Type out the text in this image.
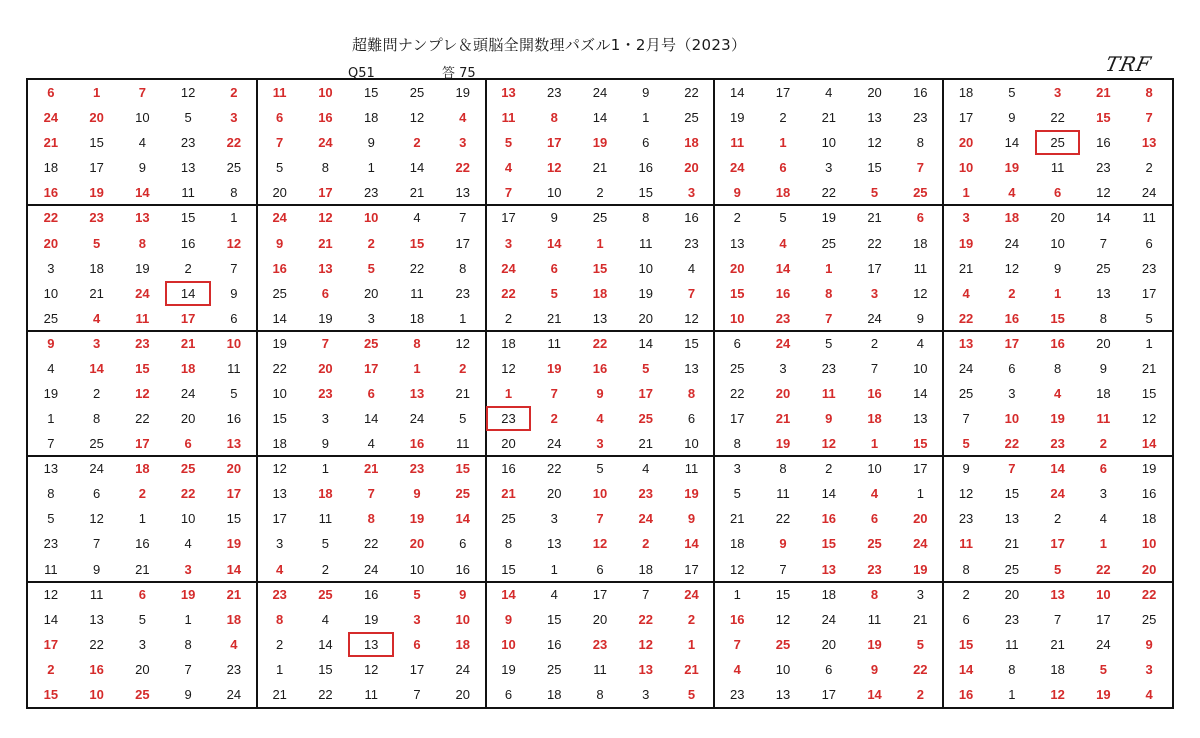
超難問ナンプレ＆頭脳全開数理パズル1・2月号（2023）
Q51	答 75	TRF
6	1	7	12	2	11	10	15	25	19	13	23	24	9	22	14	17	4	20	16	18	5	3	21	8
24	20	10	5	3	6	16	18	12	4	11	8	14	1	25	19	2	21	13	23	17	9	22	15	7
21	15	4	23	22	7	24	9	2	3	5	17	19	6	18	11	1	10	12	8	20	14	25	16	13
18	17	9	13	25	5	8	1	14	22	4	12	21	16	20	24	6	3	15	7	10	19	11	23	2
16	19	14	11	8	20	17	23	21	13	7	10	2	15	3	9	18	22	5	25	1	4	6	12	24
22	23	13	15	1	24	12	10	4	7	17	9	25	8	16	2	5	19	21	6	3	18	20	14	11
20	5	8	16	12	9	21	2	15	17	3	14	1	11	23	13	4	25	22	18	19	24	10	7	6
3	18	19	2	7	16	13	5	22	8	24	6	15	10	4	20	14	1	17	11	21	12	9	25	23
10	21	24	14	9	25	6	20	11	23	22	5	18	19	7	15	16	8	3	12	4	2	1	13	17
25	4	11	17	6	14	19	3	18	1	2	21	13	20	12	10	23	7	24	9	22	16	15	8	5
9	3	23	21	10	19	7	25	8	12	18	11	22	14	15	6	24	5	2	4	13	17	16	20	1
4	14	15	18	11	22	20	17	1	2	12	19	16	5	13	25	3	23	7	10	24	6	8	9	21
19	2	12	24	5	10	23	6	13	21	1	7	9	17	8	22	20	11	16	14	25	3	4	18	15
1	8	22	20	16	15	3	14	24	5	23	2	4	25	6	17	21	9	18	13	7	10	19	11	12
7	25	17	6	13	18	9	4	16	11	20	24	3	21	10	8	19	12	1	15	5	22	23	2	14
13	24	18	25	20	12	1	21	23	15	16	22	5	4	11	3	8	2	10	17	9	7	14	6	19
8	6	2	22	17	13	18	7	9	25	21	20	10	23	19	5	11	14	4	1	12	15	24	3	16
5	12	1	10	15	17	11	8	19	14	25	3	7	24	9	21	22	16	6	20	23	13	2	4	18
23	7	16	4	19	3	5	22	20	6	8	13	12	2	14	18	9	15	25	24	11	21	17	1	10
11	9	21	3	14	4	2	24	10	16	15	1	6	18	17	12	7	13	23	19	8	25	5	22	20
12	11	6	19	21	23	25	16	5	9	14	4	17	7	24	1	15	18	8	3	2	20	13	10	22
14	13	5	1	18	8	4	19	3	10	9	15	20	22	2	16	12	24	11	21	6	23	7	17	25
17	22	3	8	4	2	14	13	6	18	10	16	23	12	1	7	25	20	19	5	15	11	21	24	9
2	16	20	7	23	1	15	12	17	24	19	25	11	13	21	4	10	6	9	22	14	8	18	5	3
15	10	25	9	24	21	22	11	7	20	6	18	8	3	5	23	13	17	14	2	16	1	12	19	4
